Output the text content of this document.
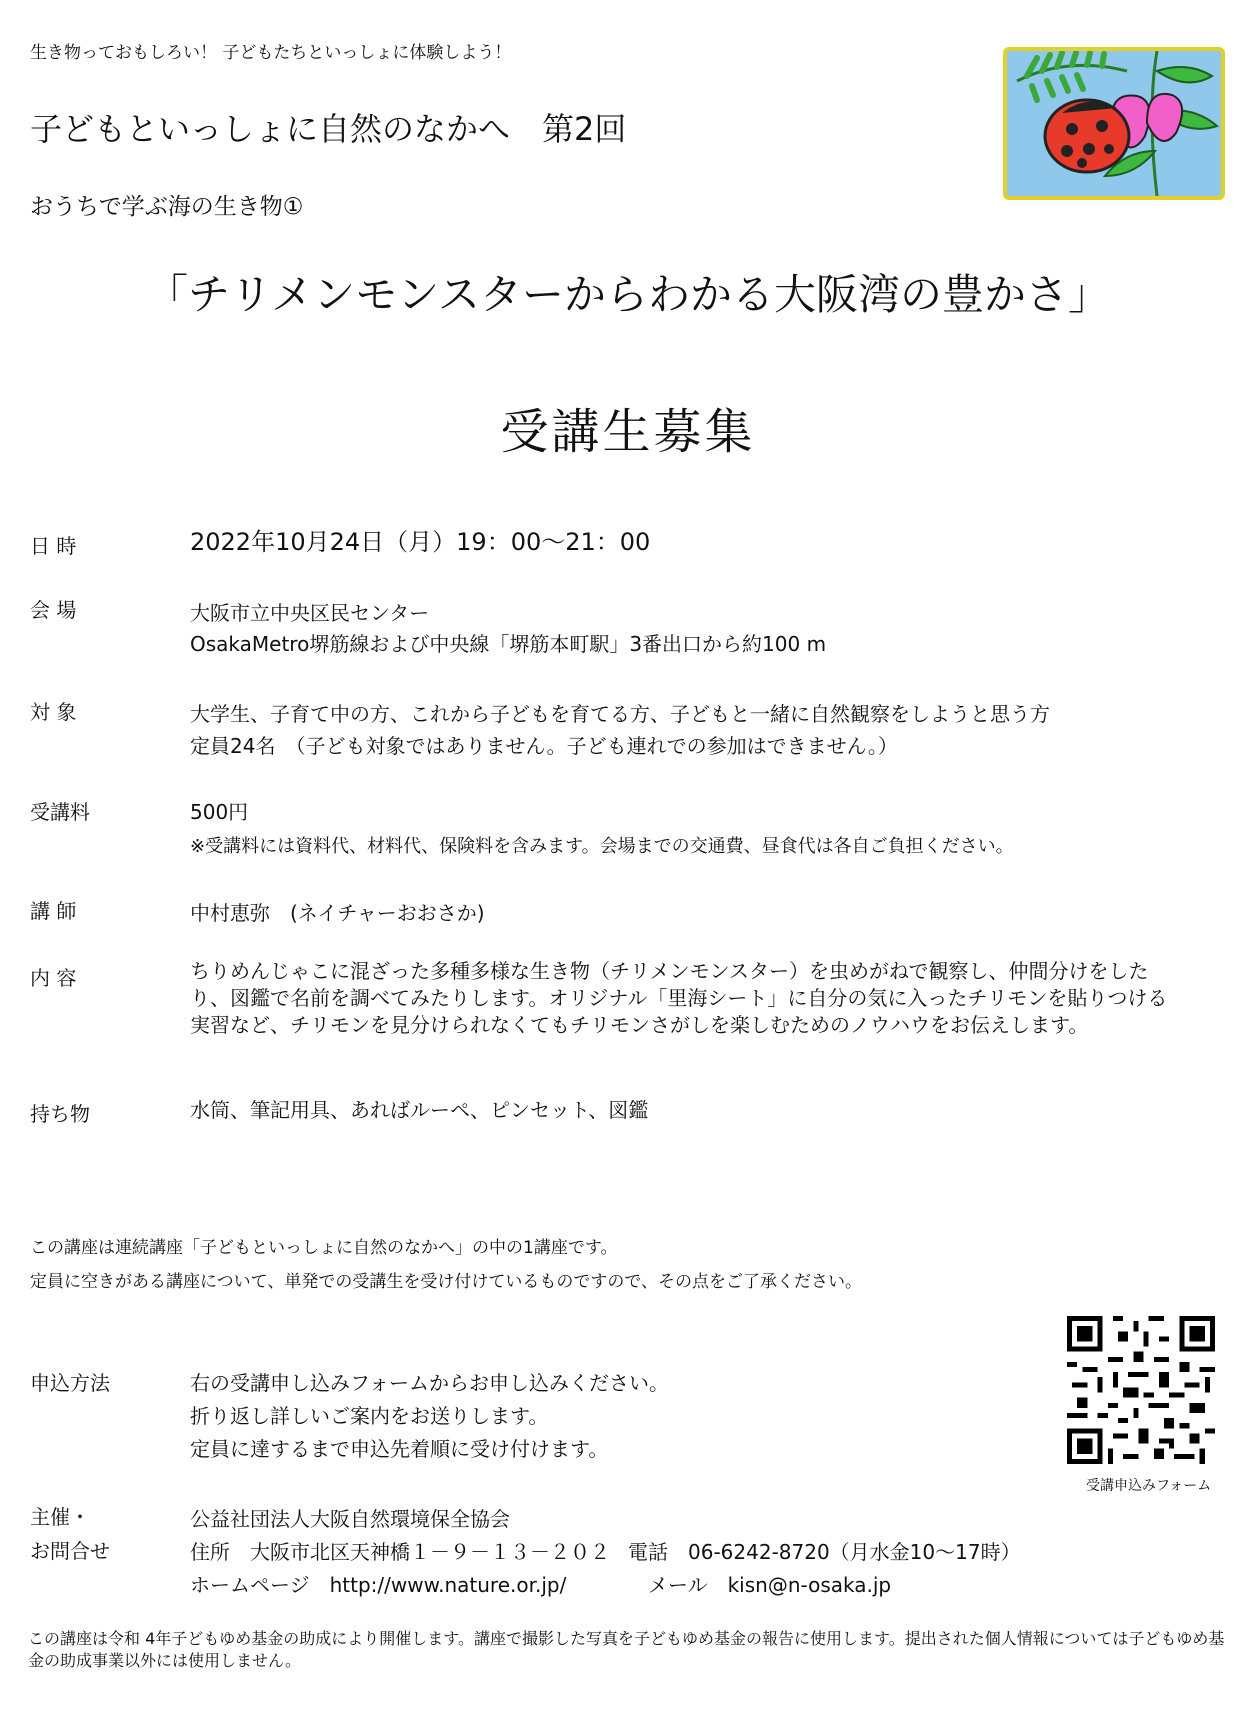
生き物っておもしろい！ 子どもたちといっしょに体験しよう！
子どもといっしょに自然のなかへ　第2回
おうちで学ぶ海の生き物①
「チリメンモンスターからわかる大阪湾の豊かさ」
受講生募集
日 時	2022年10月24日（月）19：00～21：00
会 場	大阪市立中央区民センター
OsakaMetro堺筋線および中央線「堺筋本町駅」3番出口から約100 m
対 象	大学生、子育て中の方、これから子どもを育てる方、子どもと一緒に自然観察をしようと思う方
定員24名　（子ども対象ではありません。子ども連れでの参加はできません。）
受講料	500円
※受講料には資料代、材料代、保険料を含みます。会場までの交通費、昼食代は各自ご負担ください。
講 師	中村恵弥　(ネイチャーおおさか)
内 容	ちりめんじゃこに混ざった多種多様な生き物（チリメンモンスター）を虫めがねで観察し、仲間分けをしたり、図鑑で名前を調べてみたりします。オリジナル「里海シート」に自分の気に入ったチリモンを貼りつける実習など、チリモンを見分けられなくてもチリモンさがしを楽しむためのノウハウをお伝えします。
持ち物	水筒、筆記用具、あればルーペ、ピンセット、図鑑
この講座は連続講座「子どもといっしょに自然のなかへ」の中の1講座です。
定員に空きがある講座について、単発での受講生を受け付けているものですので、その点をご了承ください。
申込方法	右の受講申し込みフォームからお申し込みください。
折り返し詳しいご案内をお送りします。
定員に達するまで申込先着順に受け付けます。
受講申込みフォーム
主催・
お問合せ
公益社団法人大阪自然環境保全協会
住所　大阪市北区天神橋１－９－１３－２０２ 電話　06-6242-8720（月水金10～17時）
ホームページ　http://www.nature.or.jp/	メール　kisn@n-osaka.jp
この講座は令和 4年子どもゆめ基金の助成により開催します。講座で撮影した写真を子どもゆめ基金の報告に使用します。提出された個人情報については子どもゆめ基金の助成事業以外には使用しません。
